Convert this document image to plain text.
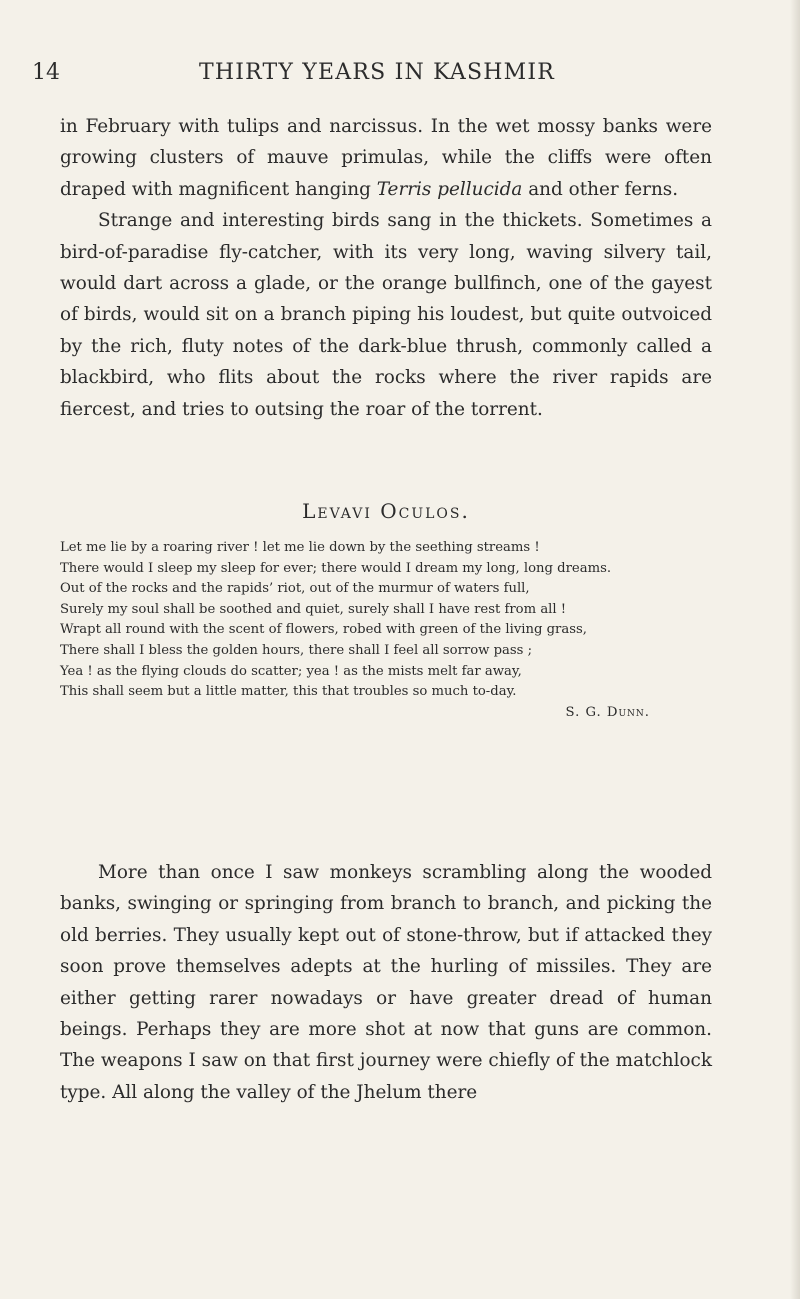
14	THIRTY YEARS IN KASHMIR

in February with tulips and narcissus. In the wet mossy banks were growing clusters of mauve primulas, while the cliffs were often draped with magnificent hanging Terris pellucida and other ferns.

Strange and interesting birds sang in the thickets. Sometimes a bird-of-paradise fly-catcher, with its very long, waving silvery tail, would dart across a glade, or the orange bullfinch, one of the gayest of birds, would sit on a branch piping his loudest, but quite outvoiced by the rich, fluty notes of the dark-blue thrush, commonly called a blackbird, who flits about the rocks where the river rapids are fiercest, and tries to outsing the roar of the torrent.

Levavi Oculos.

Let me lie by a roaring river ! let me lie down by the seething streams !

There would I sleep my sleep for ever; there would I dream my long, long dreams.

Out of the rocks and the rapids’ riot, out of the murmur of waters full,

Surely my soul shall be soothed and quiet, surely shall I have rest from all !

Wrapt all round with the scent of flowers, robed with green of the living grass,

There shall I bless the golden hours, there shall I feel all sorrow pass ;

Yea ! as the flying clouds do scatter; yea ! as the mists melt far away,

This shall seem but a little matter, this that troubles so much to-day.

S. G. Dunn.

More than once I saw monkeys scrambling along the wooded banks, swinging or springing from branch to branch, and picking the old berries. They usually kept out of stone-throw, but if attacked they soon prove themselves adepts at the hurling of missiles. They are either getting rarer nowadays or have greater dread of human beings. Perhaps they are more shot at now that guns are common. The weapons I saw on that first journey were chiefly of the matchlock type. All along the valley of the Jhelum there
